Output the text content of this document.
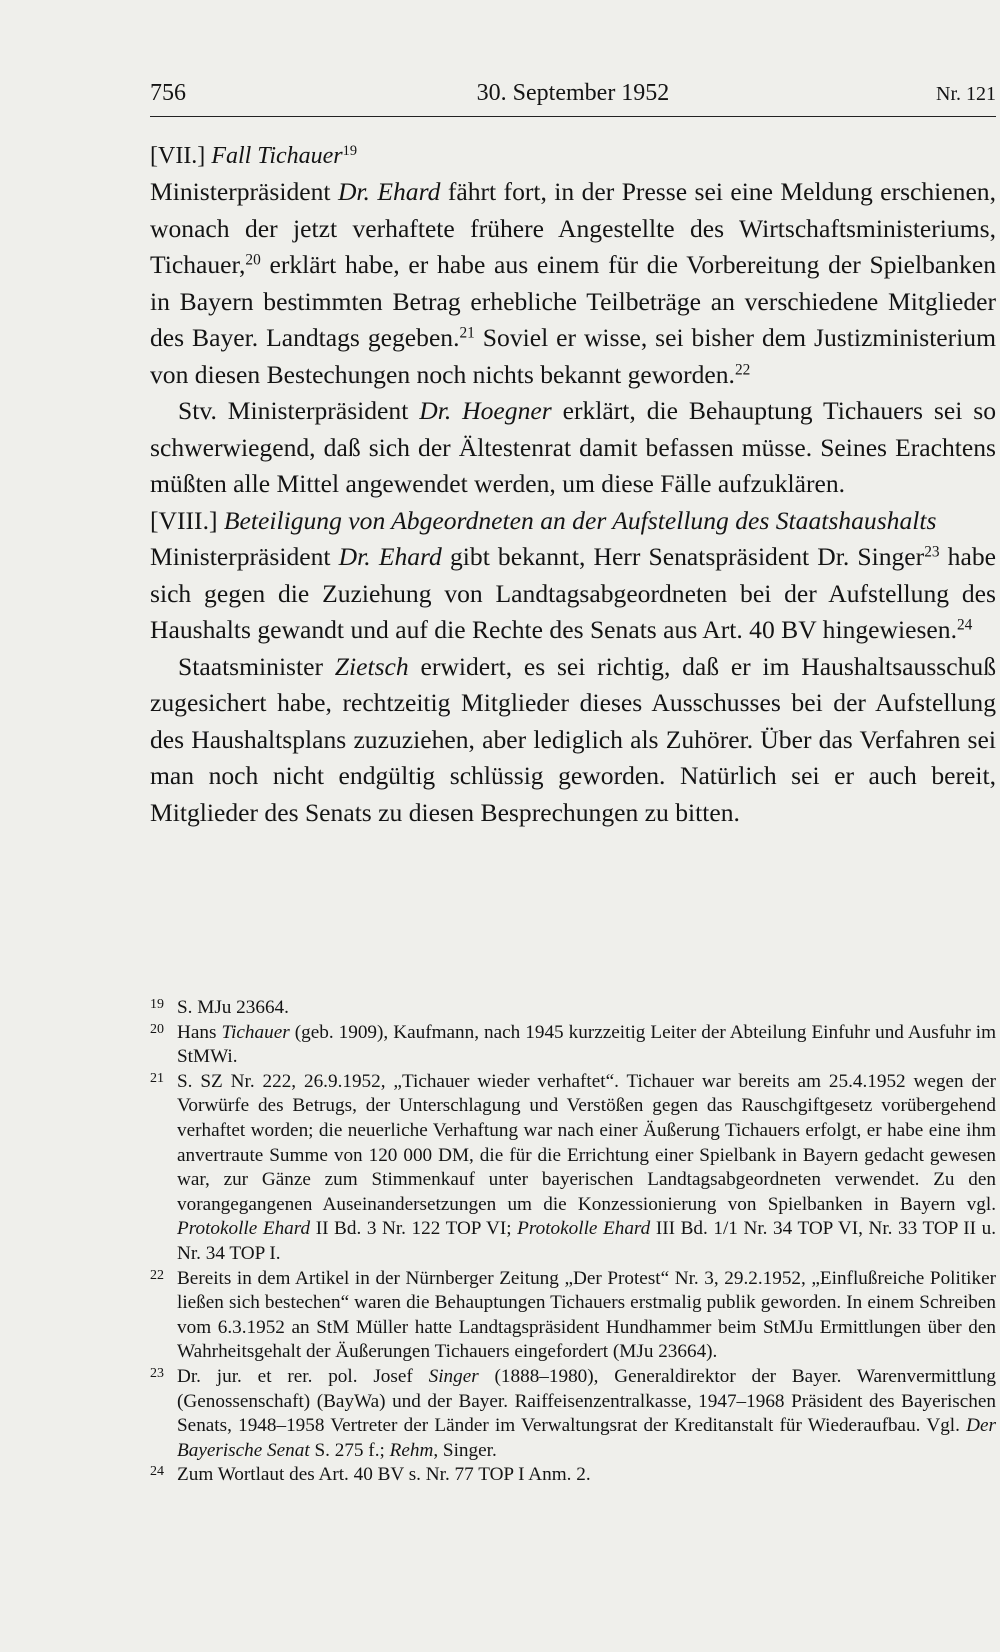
756	30. September 1952	Nr. 121

[VII.] Fall Tichauer$^{19}$

Ministerpräsident Dr. Ehard fährt fort, in der Presse sei eine Meldung erschienen, wonach der jetzt verhaftete frühere Angestellte des Wirtschaftsministeriums, Tichauer,$^{20}$ erklärt habe, er habe aus einem für die Vorbereitung der Spielbanken in Bayern bestimmten Betrag erhebliche Teilbeträge an verschiedene Mitglieder des Bayer. Landtags gegeben.$^{21}$ Soviel er wisse, sei bisher dem Justizministerium von diesen Bestechungen noch nichts bekannt geworden.$^{22}$

Stv. Ministerpräsident Dr. Hoegner erklärt, die Behauptung Tichauers sei so schwerwiegend, daß sich der Ältestenrat damit befassen müsse. Seines Erachtens müßten alle Mittel angewendet werden, um diese Fälle aufzuklären.

[VIII.] Beteiligung von Abgeordneten an der Aufstellung des Staatshaushalts

Ministerpräsident Dr. Ehard gibt bekannt, Herr Senatspräsident Dr. Singer$^{23}$ habe sich gegen die Zuziehung von Landtagsabgeordneten bei der Aufstellung des Haushalts gewandt und auf die Rechte des Senats aus Art. 40 BV hingewiesen.$^{24}$

Staatsminister Zietsch erwidert, es sei richtig, daß er im Haushaltsausschuß zugesichert habe, rechtzeitig Mitglieder dieses Ausschusses bei der Aufstellung des Haushaltsplans zuzuziehen, aber lediglich als Zuhörer. Über das Verfahren sei man noch nicht endgültig schlüssig geworden. Natürlich sei er auch bereit, Mitglieder des Senats zu diesen Besprechungen zu bitten.

19 S. MJu 23664.
20 Hans Tichauer (geb. 1909), Kaufmann, nach 1945 kurzzeitig Leiter der Abteilung Einfuhr und Ausfuhr im StMWi.
21 S. SZ Nr. 222, 26.9.1952, „Tichauer wieder verhaftet“. Tichauer war bereits am 25.4.1952 wegen der Vorwürfe des Betrugs, der Unterschlagung und Verstößen gegen das Rauschgiftgesetz vorübergehend verhaftet worden; die neuerliche Verhaftung war nach einer Äußerung Tichauers erfolgt, er habe eine ihm anvertraute Summe von 120 000 DM, die für die Errichtung einer Spielbank in Bayern gedacht gewesen war, zur Gänze zum Stimmenkauf unter bayerischen Landtagsabgeordneten verwendet. Zu den vorangegangenen Auseinandersetzungen um die Konzessionierung von Spielbanken in Bayern vgl. Protokolle Ehard II Bd. 3 Nr. 122 TOP VI; Protokolle Ehard III Bd. 1/1 Nr. 34 TOP VI, Nr. 33 TOP II u. Nr. 34 TOP I.
22 Bereits in dem Artikel in der Nürnberger Zeitung „Der Protest“ Nr. 3, 29.2.1952, „Einflußreiche Politiker ließen sich bestechen“ waren die Behauptungen Tichauers erstmalig publik geworden. In einem Schreiben vom 6.3.1952 an StM Müller hatte Landtagspräsident Hundhammer beim StMJu Ermittlungen über den Wahrheitsgehalt der Äußerungen Tichauers eingefordert (MJu 23664).
23 Dr. jur. et rer. pol. Josef Singer (1888–1980), Generaldirektor der Bayer. Warenvermittlung (Genossenschaft) (BayWa) und der Bayer. Raiffeisenzentralkasse, 1947–1968 Präsident des Bayerischen Senats, 1948–1958 Vertreter der Länder im Verwaltungsrat der Kreditanstalt für Wiederaufbau. Vgl. Der Bayerische Senat S. 275 f.; Rehm, Singer.
24 Zum Wortlaut des Art. 40 BV s. Nr. 77 TOP I Anm. 2.
